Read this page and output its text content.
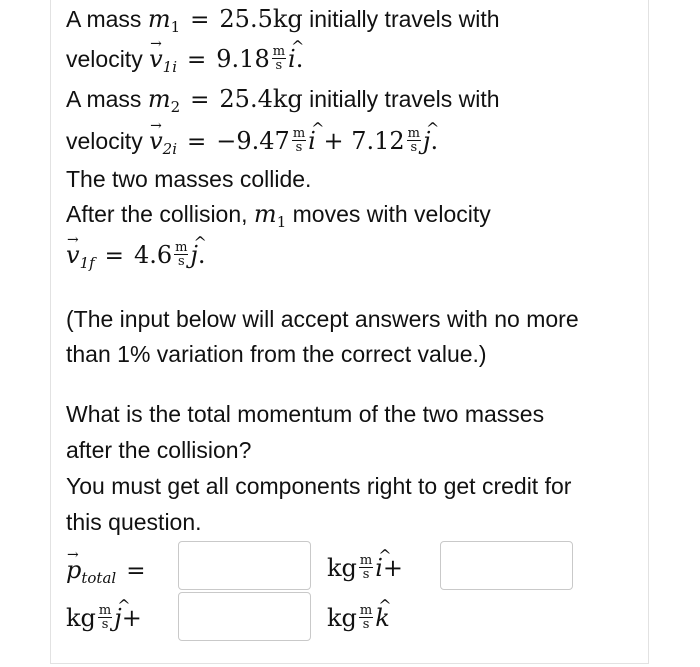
A mass $m_1 = 25.5kg$ initially travels with
velocity → $v_{1i} = 9.18 \frac{m}{s}$ ^ i.
A mass $m_2 = 25.4kg$ initially travels with
velocity → $v_{2i} = -9.47 \frac{m}{s}$ ^ $i + 7.12 \frac{m}{s}$ ^ j.
The two masses collide.
After the collision, $m_1$ moves with velocity
→ $v_{1f} = 4.6 \frac{m}{s}$ ^ j.
(The input below will accept answers with no more
than 1% variation from the correct value.)
What is the total momentum of the two masses
after the collision?
You must get all components right to get credit for
this question.
→ $p_{total}$ =	kg $\frac{m}{s}$ ^ i+
kg $\frac{m}{s}$ ^ j+	kg $\frac{m}{s}$ ^ k
